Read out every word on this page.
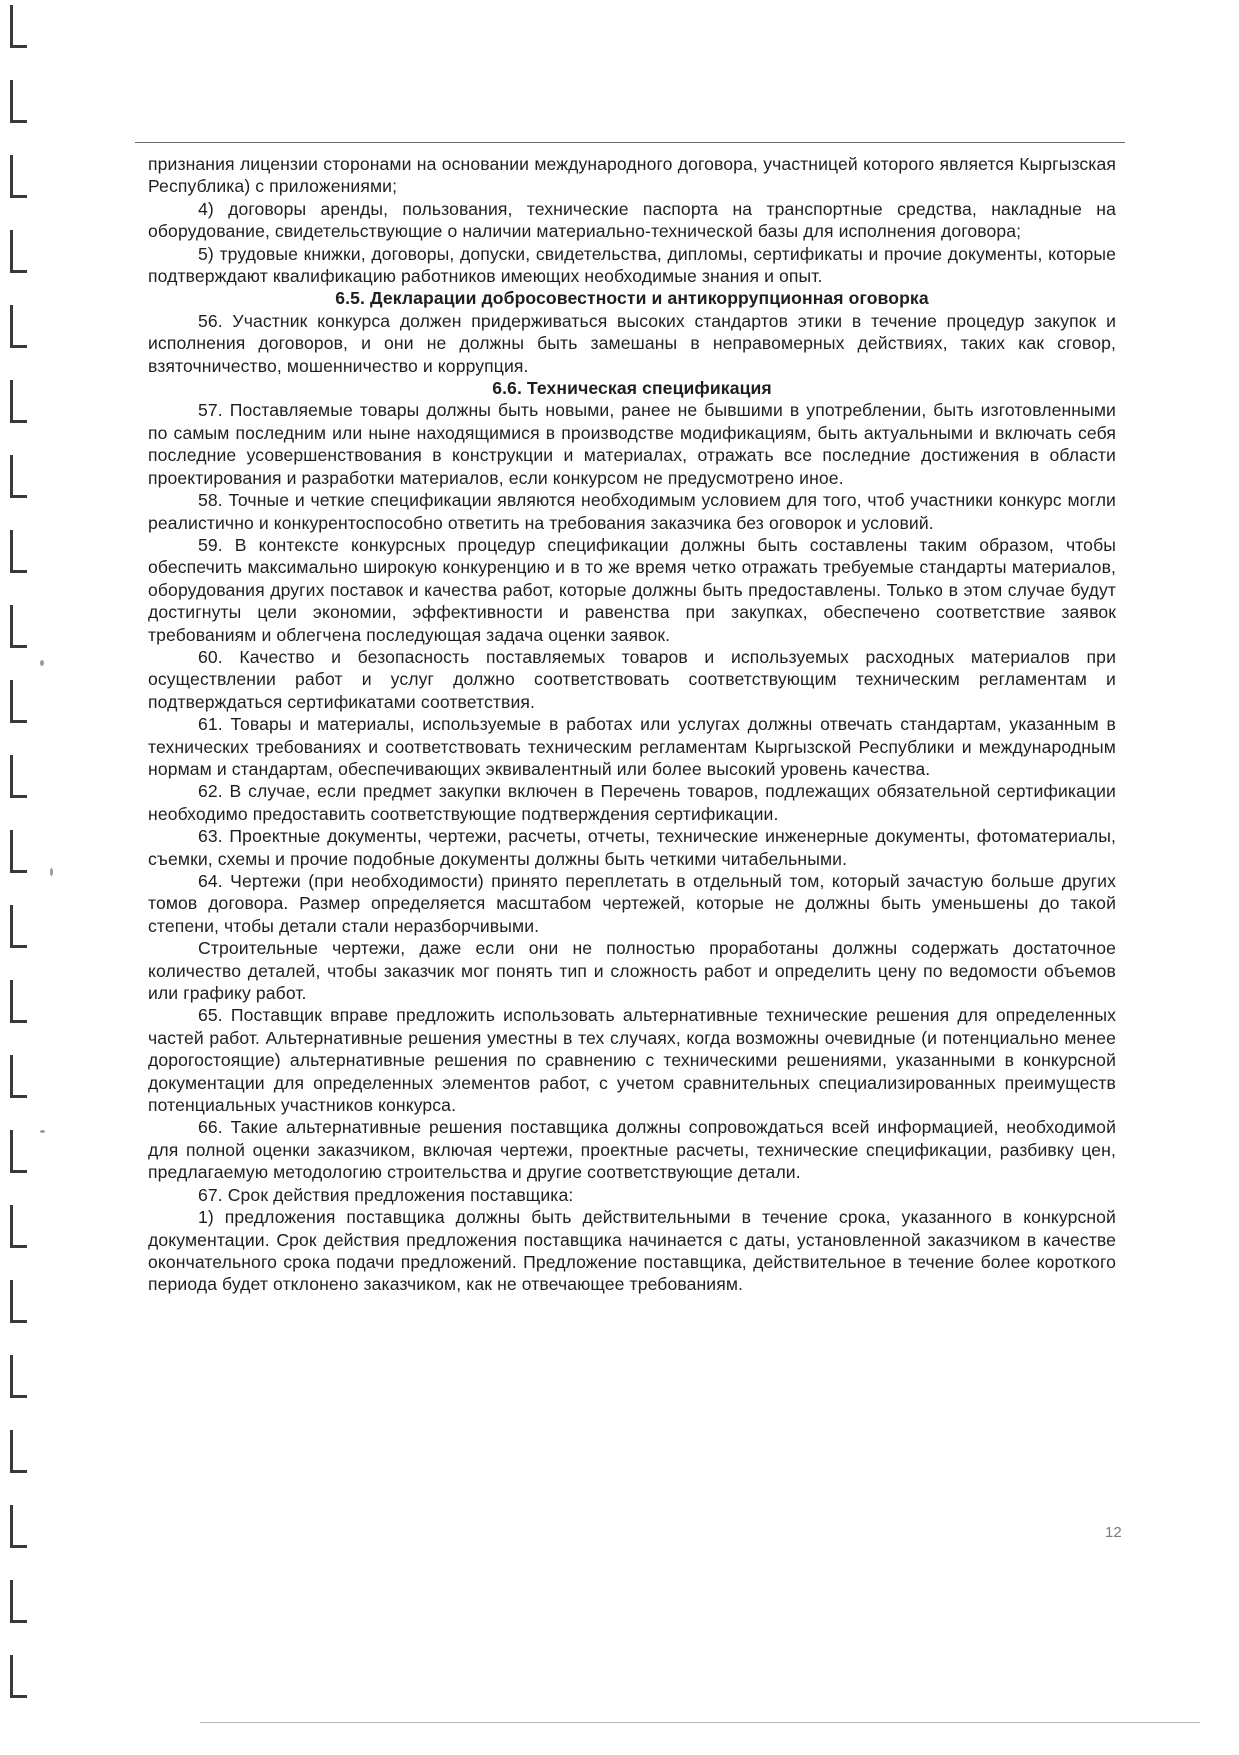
признания лицензии сторонами на основании международного договора, участницей которого является Кыргызская Республика) с приложениями;

4) договоры аренды, пользования, технические паспорта на транспортные средства, накладные на оборудование, свидетельствующие о наличии материально-технической базы для исполнения договора;

5) трудовые книжки, договоры, допуски, свидетельства, дипломы, сертификаты и прочие документы, которые подтверждают квалификацию работников имеющих необходимые знания и опыт.

6.5. Декларации добросовестности и антикоррупционная оговорка

56. Участник конкурса должен придерживаться высоких стандартов этики в течение процедур закупок и исполнения договоров, и они не должны быть замешаны в неправомерных действиях, таких как сговор, взяточничество, мошенничество и коррупция.

6.6. Техническая спецификация

57. Поставляемые товары должны быть новыми, ранее не бывшими в употреблении, быть изготовленными по самым последним или ныне находящимися в производстве модификациям, быть актуальными и включать себя последние усовершенствования в конструкции и материалах, отражать все последние достижения в области проектирования и разработки материалов, если конкурсом не предусмотрено иное.

58. Точные и четкие спецификации являются необходимым условием для того, чтоб участники конкурс могли реалистично и конкурентоспособно ответить на требования заказчика без оговорок и условий.

59. В контексте конкурсных процедур спецификации должны быть составлены таким образом, чтобы обеспечить максимально широкую конкуренцию и в то же время четко отражать требуемые стандарты материалов, оборудования других поставок и качества работ, которые должны быть предоставлены. Только в этом случае будут достигнуты цели экономии, эффективности и равенства при закупках, обеспечено соответствие заявок требованиям и облегчена последующая задача оценки заявок.

60. Качество и безопасность поставляемых товаров и используемых расходных материалов при осуществлении работ и услуг должно соответствовать соответствующим техническим регламентам и подтверждаться сертификатами соответствия.

61. Товары и материалы, используемые в работах или услугах должны отвечать стандартам, указанным в технических требованиях и соответствовать техническим регламентам Кыргызской Республики и международным нормам и стандартам, обеспечивающих эквивалентный или более высокий уровень качества.

62. В случае, если предмет закупки включен в Перечень товаров, подлежащих обязательной сертификации необходимо предоставить соответствующие подтверждения сертификации.

63. Проектные документы, чертежи, расчеты, отчеты, технические инженерные документы, фотоматериалы, съемки, схемы и прочие подобные документы должны быть четкими читабельными.

64. Чертежи (при необходимости) принято переплетать в отдельный том, который зачастую больше других томов договора. Размер определяется масштабом чертежей, которые не должны быть уменьшены до такой степени, чтобы детали стали неразборчивыми.

Строительные чертежи, даже если они не полностью проработаны должны содержать достаточное количество деталей, чтобы заказчик мог понять тип и сложность работ и определить цену по ведомости объемов или графику работ.

65. Поставщик вправе предложить использовать альтернативные технические решения для определенных частей работ. Альтернативные решения уместны в тех случаях, когда возможны очевидные (и потенциально менее дорогостоящие) альтернативные решения по сравнению с техническими решениями, указанными в конкурсной документации для определенных элементов работ, с учетом сравнительных специализированных преимуществ потенциальных участников конкурса.

66. Такие альтернативные решения поставщика должны сопровождаться всей информацией, необходимой для полной оценки заказчиком, включая чертежи, проектные расчеты, технические спецификации, разбивку цен, предлагаемую методологию строительства и другие соответствующие детали.

67. Срок действия предложения поставщика:

1) предложения поставщика должны быть действительными в течение срока, указанного в конкурсной документации. Срок действия предложения поставщика начинается с даты, установленной заказчиком в качестве окончательного срока подачи предложений. Предложение поставщика, действительное в течение более короткого периода будет отклонено заказчиком, как не отвечающее требованиям.

12
